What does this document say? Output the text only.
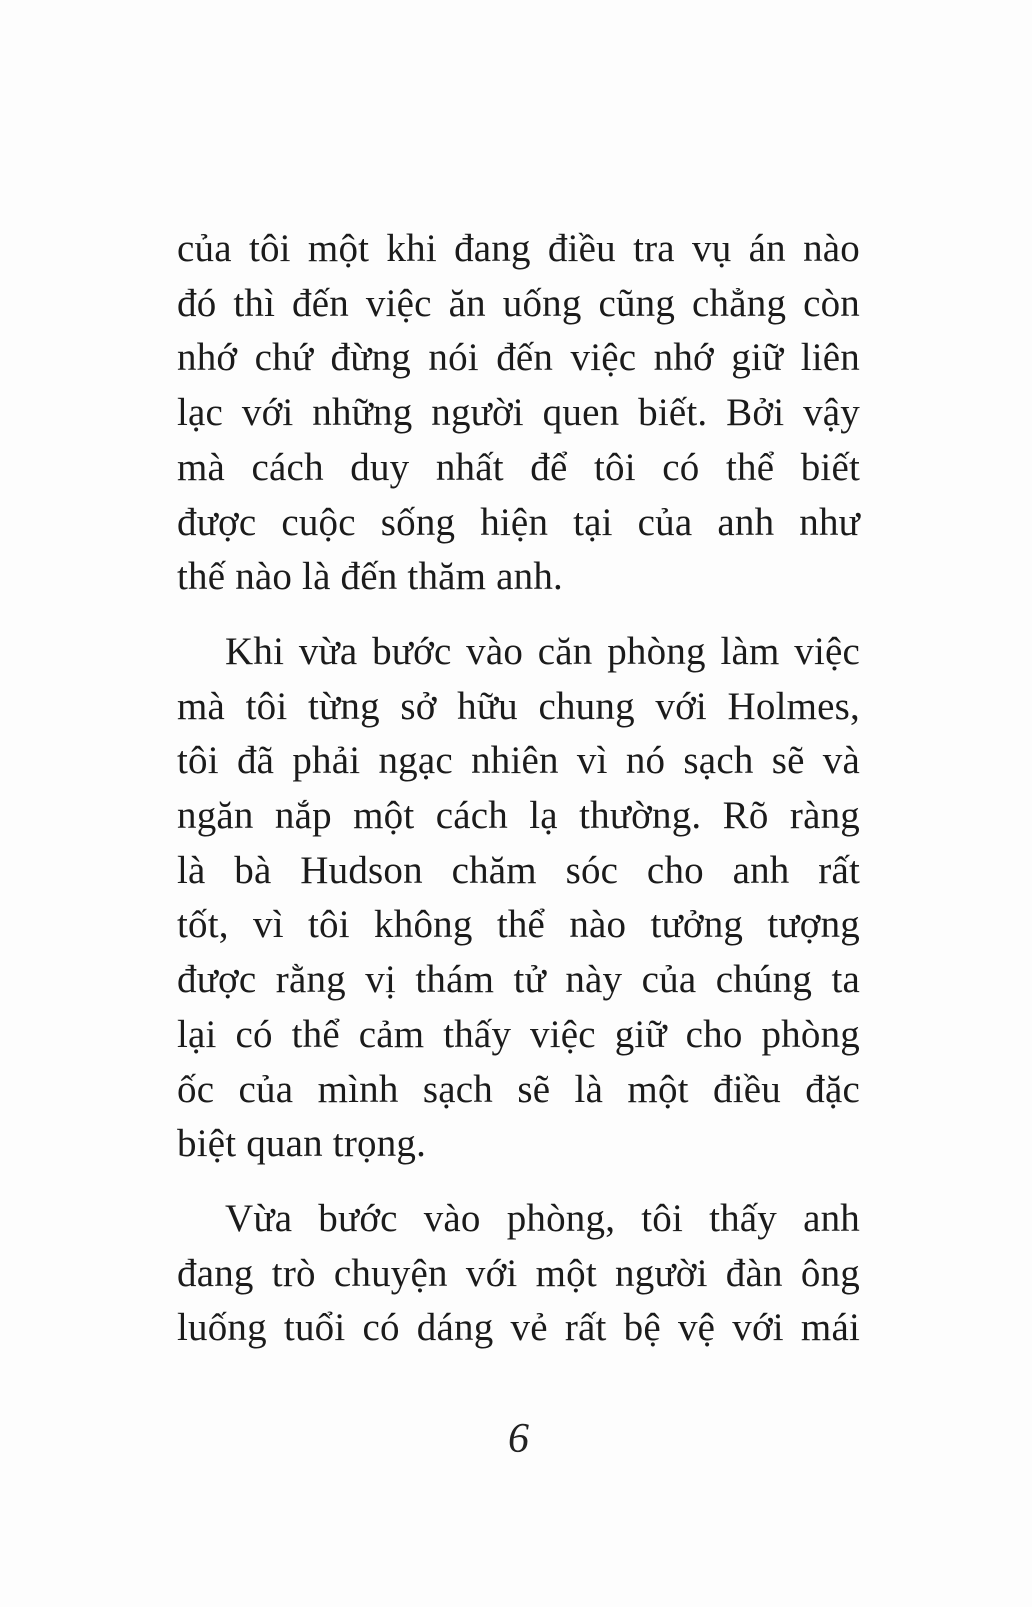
của tôi một khi đang điều tra vụ án nào
đó thì đến việc ăn uống cũng chẳng còn
nhớ chứ đừng nói đến việc nhớ giữ liên
lạc với những người quen biết. Bởi vậy
mà cách duy nhất để tôi có thể biết
được cuộc sống hiện tại của anh như
thế nào là đến thăm anh.
Khi vừa bước vào căn phòng làm việc
mà tôi từng sở hữu chung với Holmes,
tôi đã phải ngạc nhiên vì nó sạch sẽ và
ngăn nắp một cách lạ thường. Rõ ràng
là bà Hudson chăm sóc cho anh rất
tốt, vì tôi không thể nào tưởng tượng
được rằng vị thám tử này của chúng ta
lại có thể cảm thấy việc giữ cho phòng
ốc của mình sạch sẽ là một điều đặc
biệt quan trọng.
Vừa bước vào phòng, tôi thấy anh
đang trò chuyện với một người đàn ông
luống tuổi có dáng vẻ rất bệ vệ với mái
6
